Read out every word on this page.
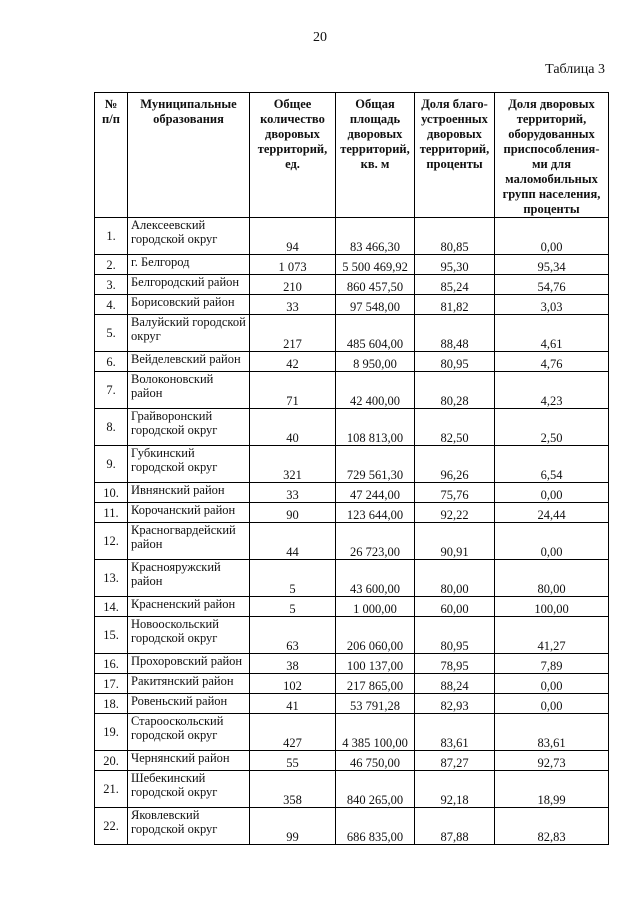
20
Таблица 3
№ п/п	Муниципальные образования	Общее количество дворовых территорий, ед.	Общая площадь дворовых территорий, кв. м	Доля благо-устроенных дворовых территорий, проценты	Доля дворовых территорий, оборудованных приспособления-ми для маломобильных групп населения, проценты
1.	Алексеевский городской округ	94	83 466,30	80,85	0,00
2.	г. Белгород	1 073	5 500 469,92	95,30	95,34
3.	Белгородский район	210	860 457,50	85,24	54,76
4.	Борисовский район	33	97 548,00	81,82	3,03
5.	Валуйский городской округ	217	485 604,00	88,48	4,61
6.	Вейделевский район	42	8 950,00	80,95	4,76
7.	Волоконовский район	71	42 400,00	80,28	4,23
8.	Грайворонский городской округ	40	108 813,00	82,50	2,50
9.	Губкинский городской округ	321	729 561,30	96,26	6,54
10.	Ивнянский район	33	47 244,00	75,76	0,00
11.	Корочанский район	90	123 644,00	92,22	24,44
12.	Красногвардейский район	44	26 723,00	90,91	0,00
13.	Краснояружский район	5	43 600,00	80,00	80,00
14.	Красненский район	5	1 000,00	60,00	100,00
15.	Новооскольский городской округ	63	206 060,00	80,95	41,27
16.	Прохоровский район	38	100 137,00	78,95	7,89
17.	Ракитянский район	102	217 865,00	88,24	0,00
18.	Ровеньский район	41	53 791,28	82,93	0,00
19.	Старооскольский городской округ	427	4 385 100,00	83,61	83,61
20.	Чернянский район	55	46 750,00	87,27	92,73
21.	Шебекинский городской округ	358	840 265,00	92,18	18,99
22.	Яковлевский городской округ	99	686 835,00	87,88	82,83
